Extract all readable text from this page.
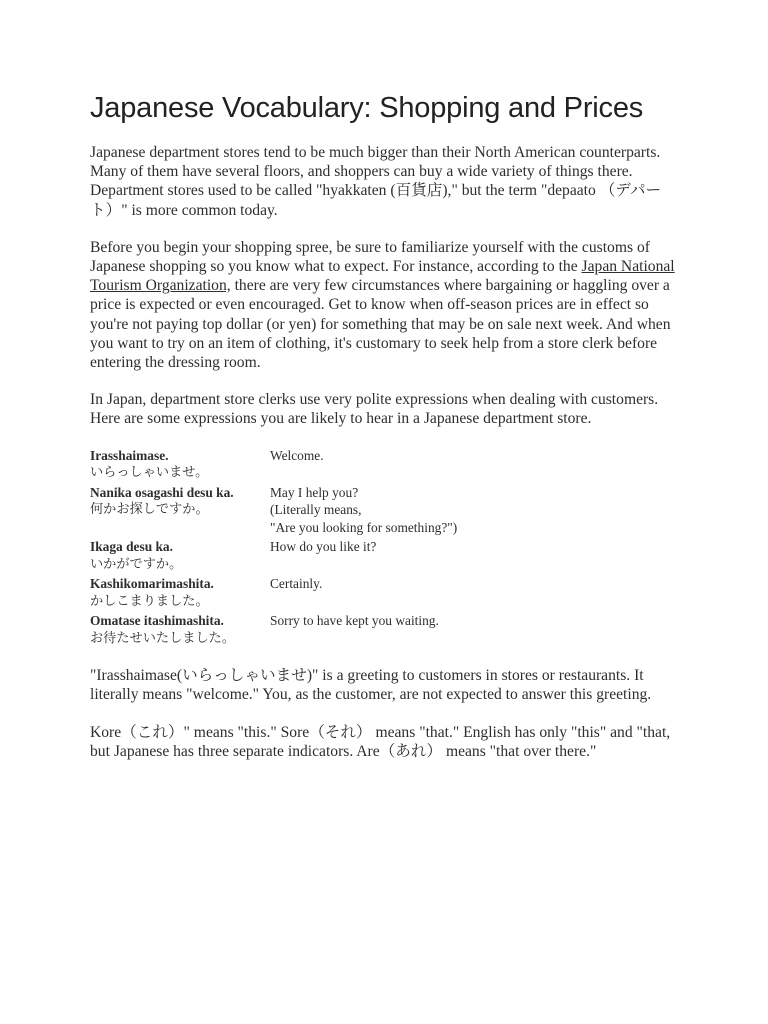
Japanese Vocabulary: Shopping and Prices

Japanese department stores tend to be much bigger than their North American counterparts. Many of them have several floors, and shoppers can buy a wide variety of things there. Department stores used to be called "hyakkaten (百貨店)," but the term "depaato （デパート）" is more common today.

Before you begin your shopping spree, be sure to familiarize yourself with the customs of Japanese shopping so you know what to expect. For instance, according to the Japan National Tourism Organization, there are very few circumstances where bargaining or haggling over a price is expected or even encouraged. Get to know when off-season prices are in effect so you're not paying top dollar (or yen) for something that may be on sale next week. And when you want to try on an item of clothing, it's customary to seek help from a store clerk before entering the dressing room.

In Japan, department store clerks use very polite expressions when dealing with customers. Here are some expressions you are likely to hear in a Japanese department store.

Irasshaimase.
いらっしゃいませ。	Welcome.

Nanika osagashi desu ka.
何かお探しですか。	May I help you?
(Literally means,
"Are you looking for something?")

Ikaga desu ka.
いかがですか。	How do you like it?

Kashikomarimashita.
かしこまりました。	Certainly.

Omatase itashimashita.
お待たせいたしました。	Sorry to have kept you waiting.

"Irasshaimase(いらっしゃいませ)" is a greeting to customers in stores or restaurants. It literally means "welcome." You, as the customer, are not expected to answer this greeting.

Kore（これ）" means "this." Sore（それ） means "that." English has only "this" and "that, but Japanese has three separate indicators. Are（あれ） means "that over there."
